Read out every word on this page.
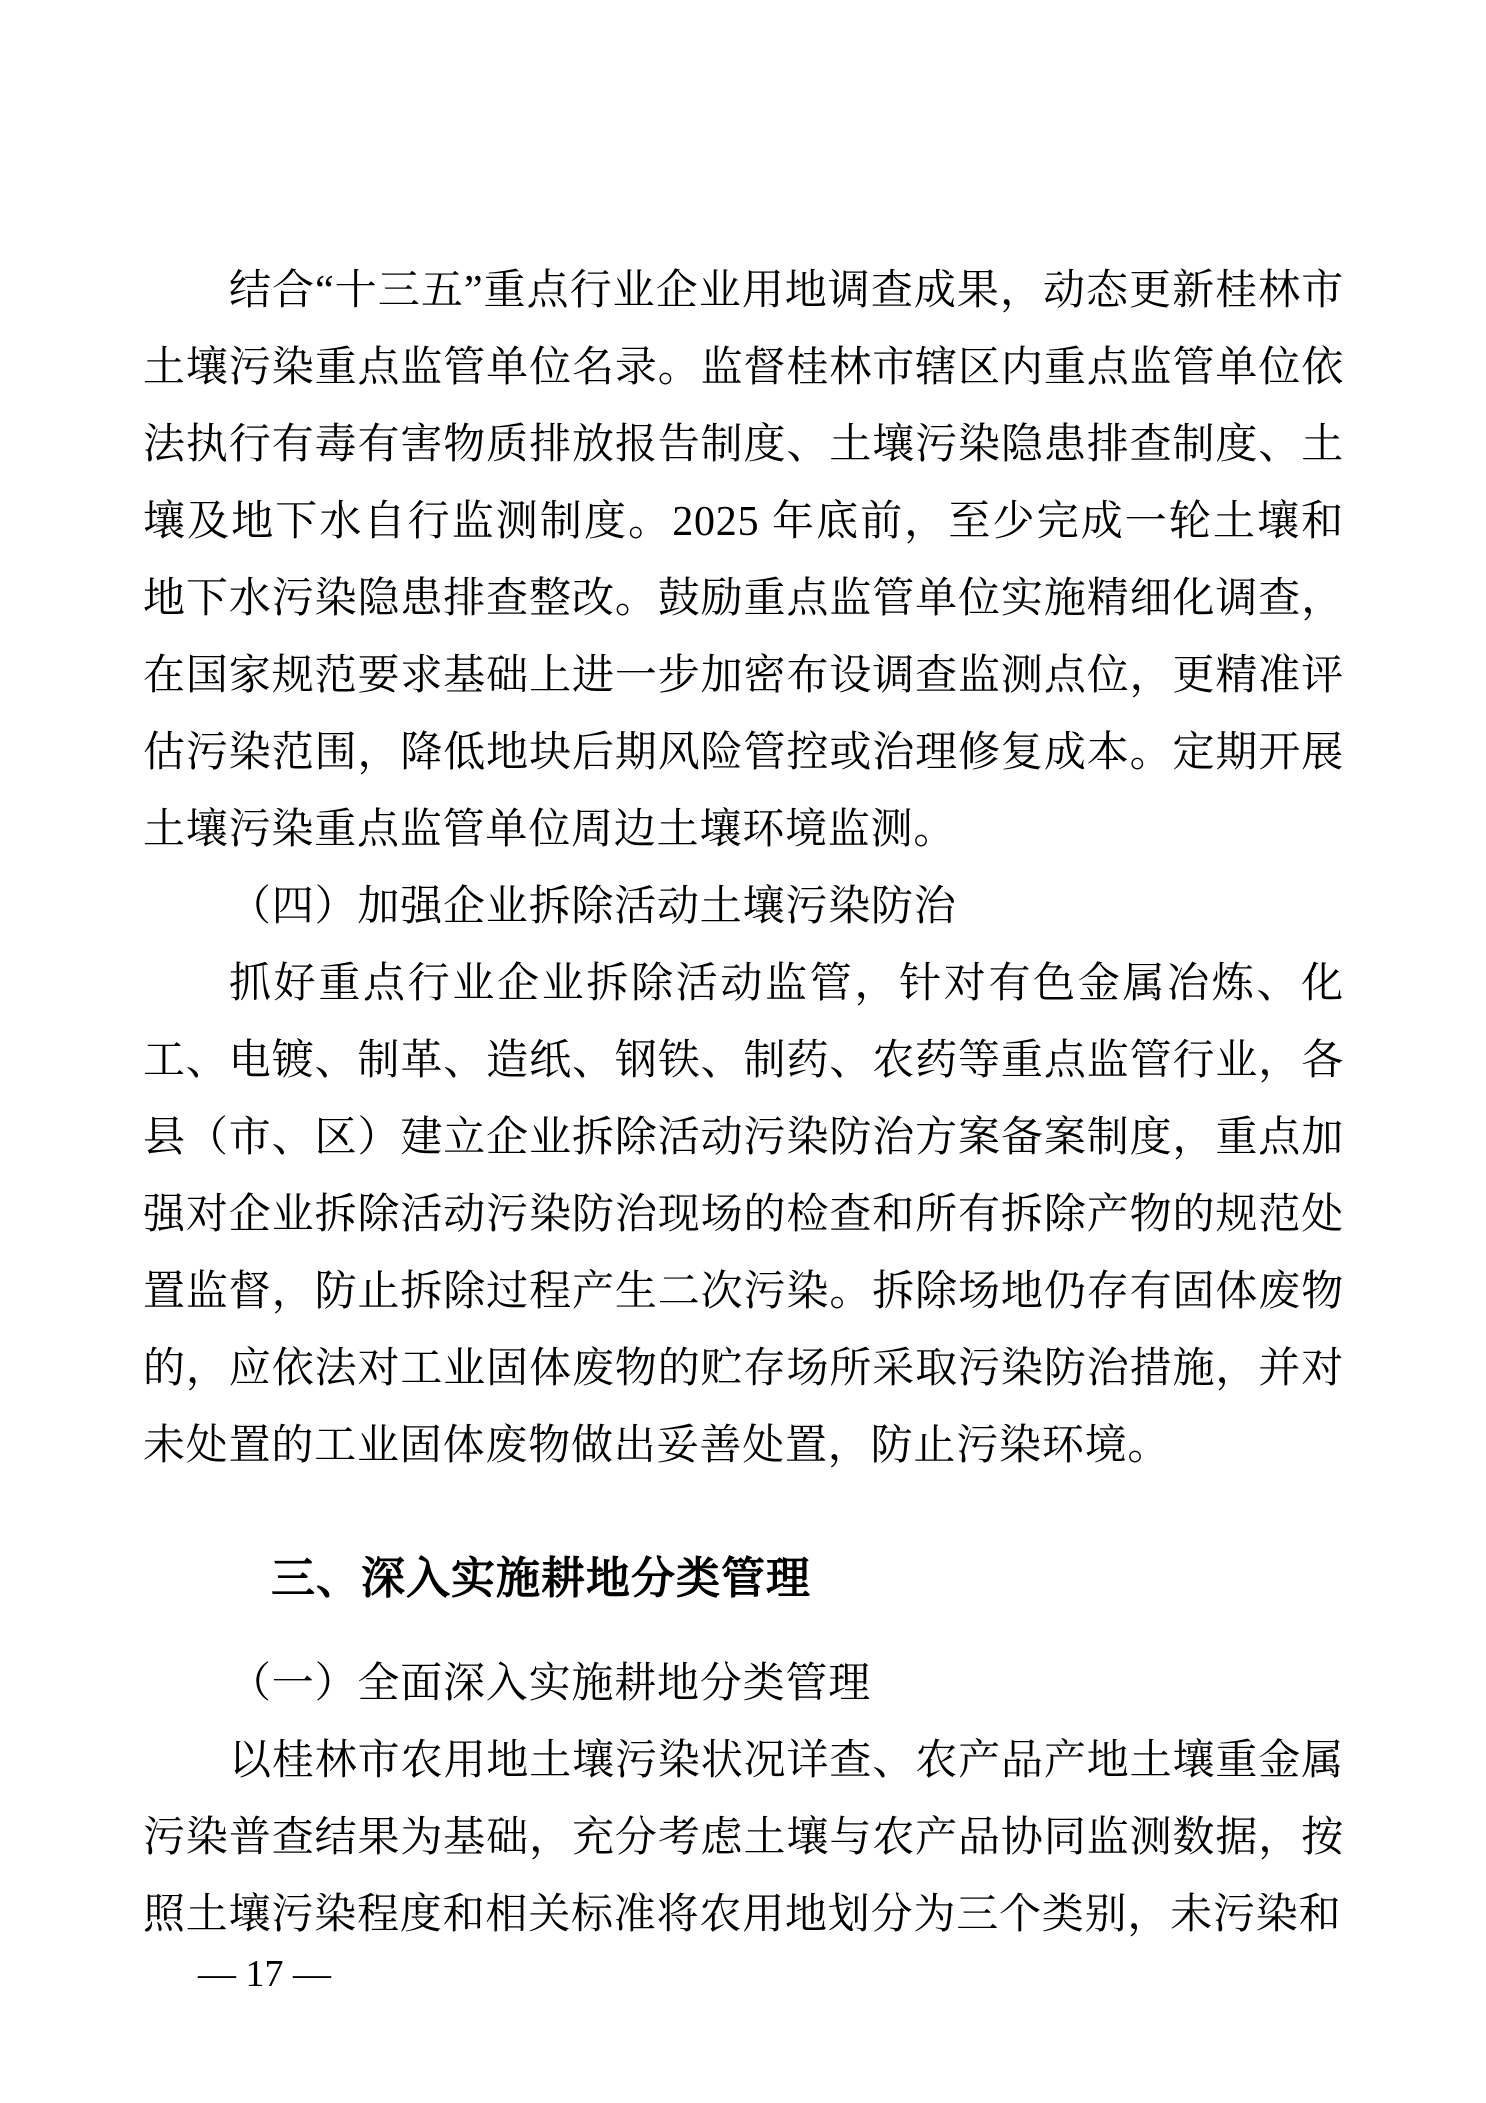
结合“十三五”重点行业企业用地调查成果，动态更新桂林市土壤污染重点监管单位名录。监督桂林市辖区内重点监管单位依法执行有毒有害物质排放报告制度、土壤污染隐患排查制度、土壤及地下水自行监测制度。2025 年底前，至少完成一轮土壤和地下水污染隐患排查整改。鼓励重点监管单位实施精细化调查，在国家规范要求基础上进一步加密布设调查监测点位，更精准评估污染范围，降低地块后期风险管控或治理修复成本。定期开展土壤污染重点监管单位周边土壤环境监测。

（四）加强企业拆除活动土壤污染防治

抓好重点行业企业拆除活动监管，针对有色金属冶炼、化工、电镀、制革、造纸、钢铁、制药、农药等重点监管行业，各县（市、区）建立企业拆除活动污染防治方案备案制度，重点加强对企业拆除活动污染防治现场的检查和所有拆除产物的规范处置监督，防止拆除过程产生二次污染。拆除场地仍存有固体废物的，应依法对工业固体废物的贮存场所采取污染防治措施，并对未处置的工业固体废物做出妥善处置，防止污染环境。

三、深入实施耕地分类管理

（一）全面深入实施耕地分类管理

以桂林市农用地土壤污染状况详查、农产品产地土壤重金属污染普查结果为基础，充分考虑土壤与农产品协同监测数据，按照土壤污染程度和相关标准将农用地划分为三个类别，未污染和

— 17 —
